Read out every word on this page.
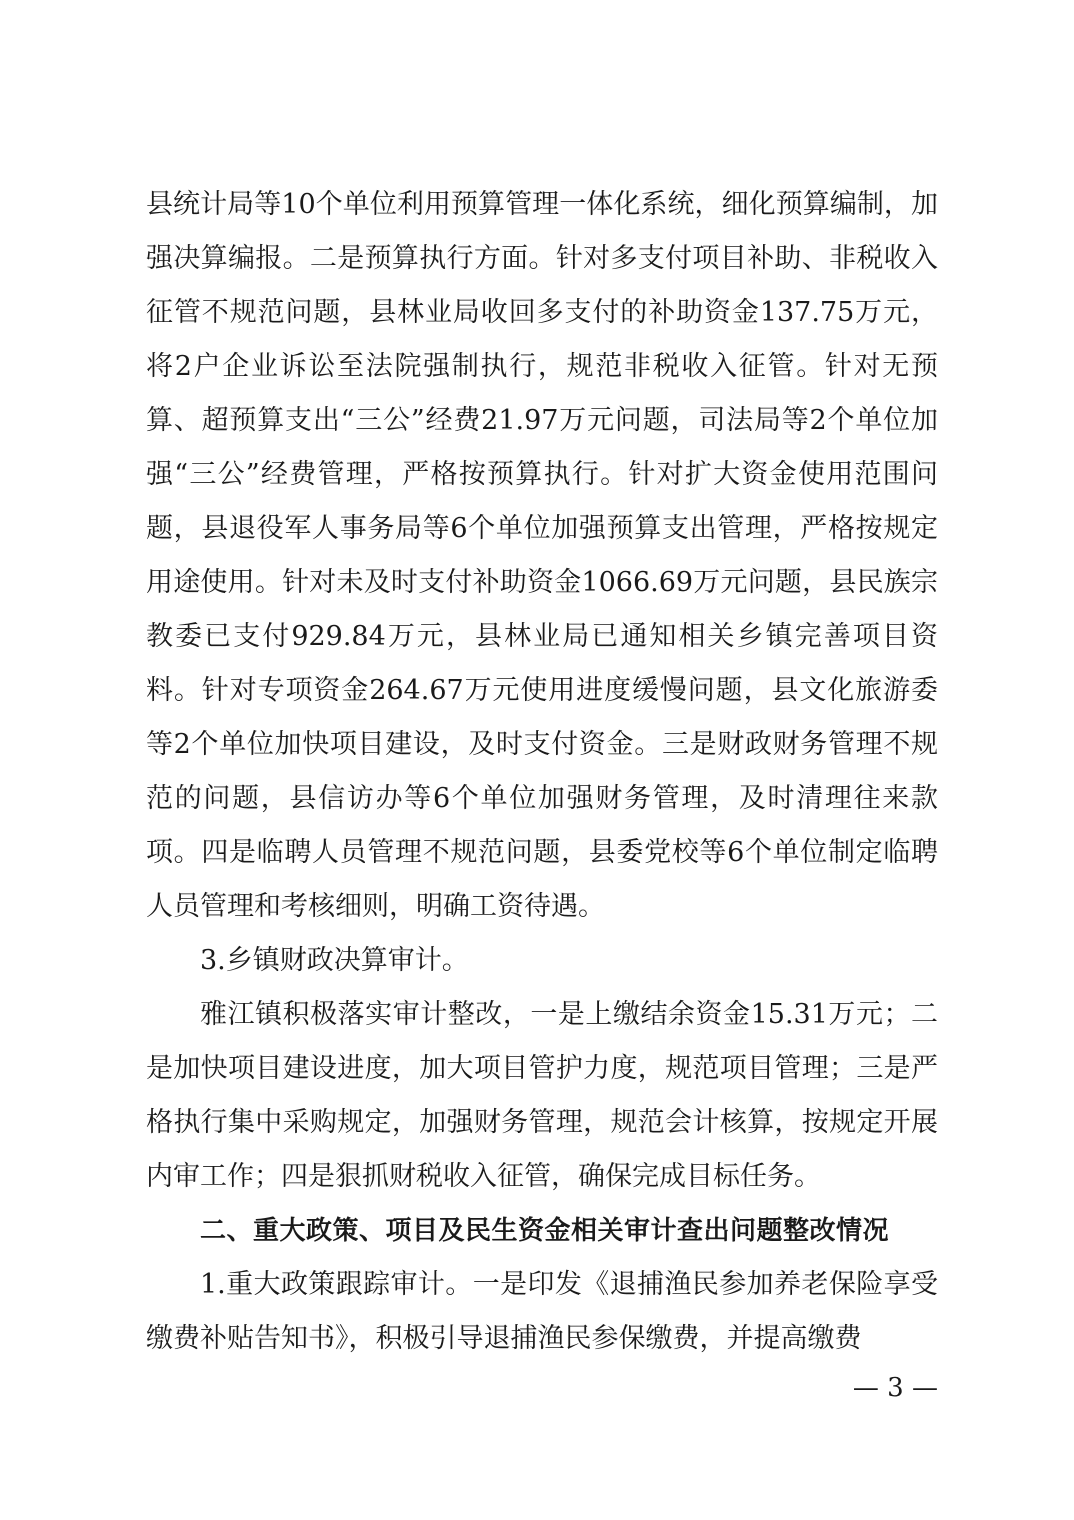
县统计局等10个单位利用预算管理一体化系统，细化预算编制，加强决算编报。二是预算执行方面。针对多支付项目补助、非税收入征管不规范问题，县林业局收回多支付的补助资金137.75万元，将2户企业诉讼至法院强制执行，规范非税收入征管。针对无预算、超预算支出“三公”经费21.97万元问题，司法局等2个单位加强“三公”经费管理，严格按预算执行。针对扩大资金使用范围问题，县退役军人事务局等6个单位加强预算支出管理，严格按规定用途使用。针对未及时支付补助资金1066.69万元问题，县民族宗教委已支付929.84万元，县林业局已通知相关乡镇完善项目资料。针对专项资金264.67万元使用进度缓慢问题，县文化旅游委等2个单位加快项目建设，及时支付资金。三是财政财务管理不规范的问题，县信访办等6个单位加强财务管理，及时清理往来款项。四是临聘人员管理不规范问题，县委党校等6个单位制定临聘人员管理和考核细则，明确工资待遇。

3.乡镇财政决算审计。

雅江镇积极落实审计整改，一是上缴结余资金15.31万元；二是加快项目建设进度，加大项目管护力度，规范项目管理；三是严格执行集中采购规定，加强财务管理，规范会计核算，按规定开展内审工作；四是狠抓财税收入征管，确保完成目标任务。

二、重大政策、项目及民生资金相关审计查出问题整改情况

1.重大政策跟踪审计。一是印发《退捕渔民参加养老保险享受缴费补贴告知书》，积极引导退捕渔民参保缴费，并提高缴费

— 3 —
